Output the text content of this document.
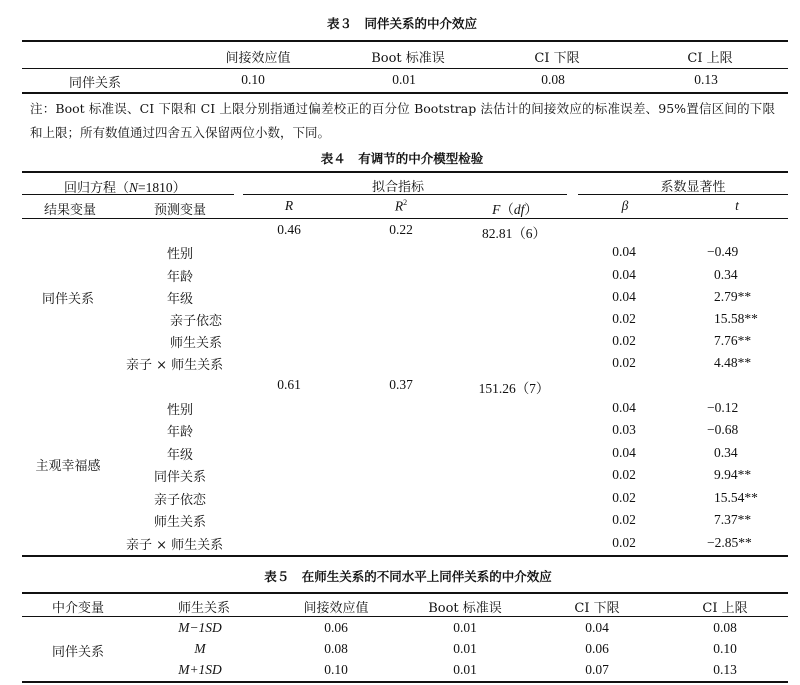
表３　同伴关系的中介效应
间接效应值	Boot 标准误	CI 下限	CI 上限
同伴关系	0.10	0.01	0.08	0.13
注：Boot 标准误、CI 下限和 CI 上限分别指通过偏差校正的百分位 Bootstrap 法估计的间接效应的标准误差、95%置信区间的下限和上限；所有数值通过四舍五入保留两位小数，下同。
表４　有调节的中介模型检验
回归方程（N=1810）	拟合指标	系数显著性
结果变量	预测变量	R	$R^2$	F（df）	β	t
同伴关系
0.46	0.22	82.81（6）
性别	0.04	−0.49
年龄	0.04	0.34
年级	0.04	2.79**
亲子依恋	0.02	15.58**
师生关系	0.02	7.76**
亲子 × 师生关系	0.02	4.48**
主观幸福感
0.61	0.37	151.26（7）
性别	0.04	−0.12
年龄	0.03	−0.68
年级	0.04	0.34
同伴关系	0.02	9.94**
亲子依恋	0.02	15.54**
师生关系	0.02	7.37**
亲子 × 师生关系	0.02	−2.85**
表５　在师生关系的不同水平上同伴关系的中介效应
中介变量	师生关系	间接效应值	Boot 标准误	CI 下限	CI 上限
同伴关系
M−1SD	0.06	0.01	0.04	0.08
M	0.08	0.01	0.06	0.10
M+1SD	0.10	0.01	0.07	0.13
